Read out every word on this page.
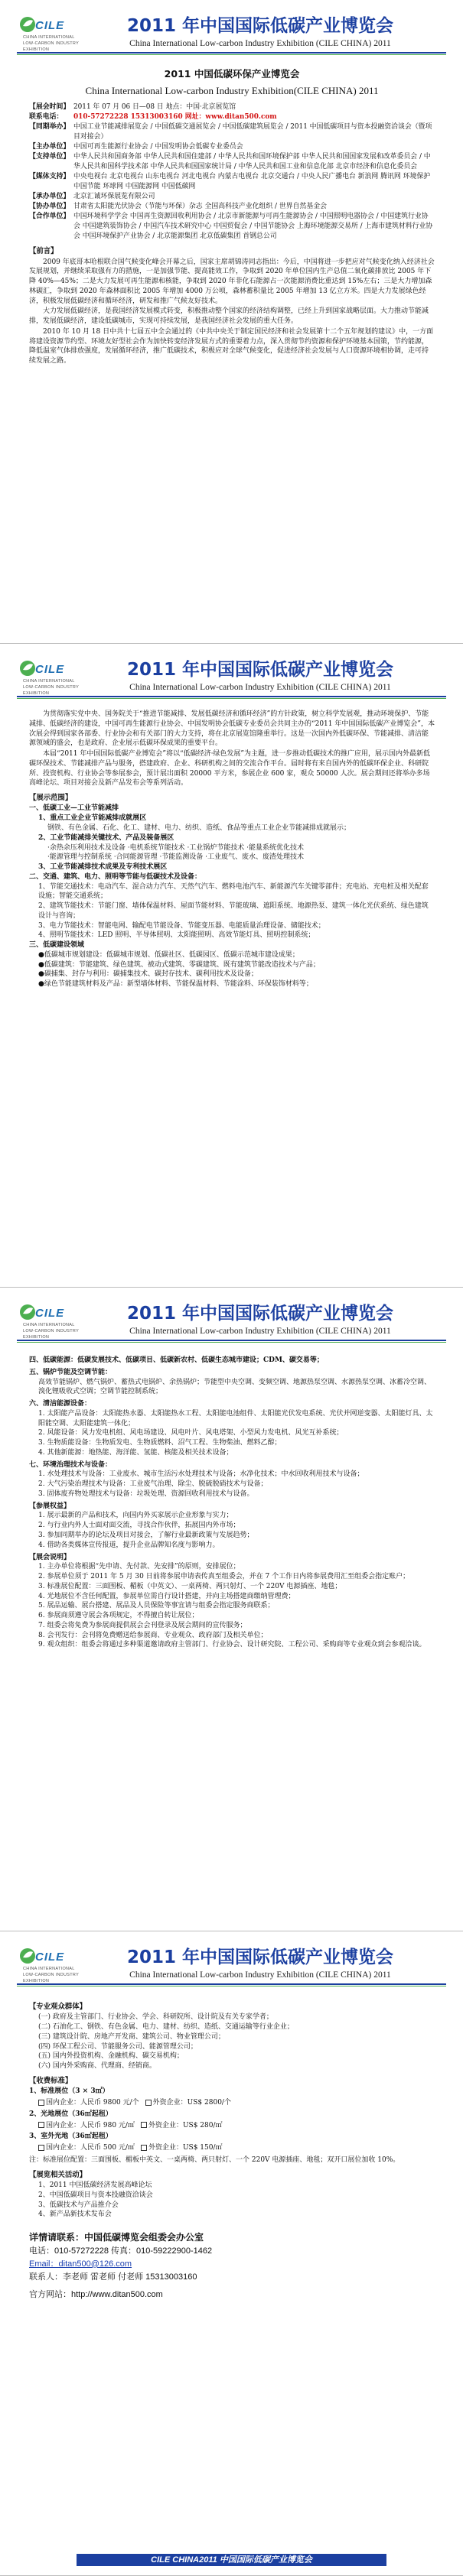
CILE
CHINA INTERNATIONAL LOW-CARBON INDUSTRY EXHIBITION
2011 年中国国际低碳产业博览会
China International Low-carbon Industry Exhibition (CILE CHINA) 2011
2011 中国低碳环保产业博览会
China International Low-carbon Industry Exhibition(CILE CHINA) 2011
【展会时间】 2011 年 07 月 06 日—08 日 地点：中国·北京展览馆
联系电话：	010-57272228 15313003160 网址：www.ditan500.com
【同期举办】 中国工业节能减排展览会 / 中国低碳交通展览会 / 中国低碳建筑展览会 / 2011 中国低碳项目与资本投融资洽谈会（暨项目对接会）
【主办单位】 中国可再生能源行业协会 / 中国发明协会低碳专业委员会
【支持单位】 中华人民共和国商务部 中华人民共和国住建部 / 中华人民共和国环境保护部 中华人民共和国国家发展和改革委员会 / 中华人民共和国科学技术部 中华人民共和国国家统计局 / 中华人民共和国工业和信息化部 北京市经济和信息化委员会
【媒体支持】 中央电视台 北京电视台 山东电视台 河北电视台 内蒙古电视台 北京交通台 / 中央人民广播电台 新浪网 腾讯网 环境保护 中国节能 环球网 中国能源网 中国低碳网
【承办单位】 北京汇诚环保展览有限公司
【协办单位】 甘肃省太阳能光伏协会（节能与环保）杂志 全国高科技产业化组织 / 世界自然基金会
【合作单位】 中国环境科学学会 中国再生资源回收利用协会 / 北京市新能源与可再生能源协会 / 中国照明电器协会 / 中国建筑行业协会 中国建筑装饰协会 / 中国汽车技术研究中心 中国贸促会 / 中国节能协会 上海环境能源交易所 / 上海市建筑材料行业协会 中国环境保护产业协会 / 北京能源集团 北京低碳集团 首钢总公司
【前言】

2009 年底哥本哈根联合国气候变化峰会开幕之后，国家主席胡锦涛同志指出：今后，中国将进一步把应对气候变化纳入经济社会发展规划，并继续采取强有力的措施，一是加强节能、提高能效工作，争取到 2020 年单位国内生产总值二氧化碳排放比 2005 年下降 40%—45%；二是大力发展可再生能源和核能，争取到 2020 年非化石能源占一次能源消费比重达到 15%左右；三是大力增加森林碳汇，争取到 2020 年森林面积比 2005 年增加 4000 万公顷，森林蓄积量比 2005 年增加 13 亿立方米。四是大力发展绿色经济，积极发展低碳经济和循环经济，研发和推广气候友好技术。

大力发展低碳经济，是我国经济发展模式转变，积极推动整个国家的经济结构调整，已经上升到国家战略层面。大力推动节能减排，发展低碳经济，建设低碳城市，实现可持续发展，是我国经济社会发展的重大任务。

2010 年 10 月 18 日中共十七届五中全会通过的《中共中央关于制定国民经济和社会发展第十二个五年规划的建议》中，一方面将建设资源节约型、环境友好型社会作为加快转变经济发展方式的重要着力点，深入贯彻节约资源和保护环境基本国策，节约能源，降低温室气体排放强度，发展循环经济，推广低碳技术，积极应对全球气候变化，促进经济社会发展与人口资源环境相协调，走可持续发展之路。

CILE
CHINA INTERNATIONAL LOW-CARBON INDUSTRY EXHIBITION
2011 年中国国际低碳产业博览会
China International Low-carbon Industry Exhibition (CILE CHINA) 2011

为贯彻落实党中央、国务院关于“推进节能减排、发展低碳经济和循环经济”的方针政策，树立科学发展观，推动环境保护、节能减排、低碳经济的建设，中国可再生能源行业协会、中国发明协会低碳专业委员会共同主办的“2011 年中国国际低碳产业博览会”，本次展会得到国家各部委、行业协会和有关部门的大力支持，将在北京展览馆隆重举行。这是一次国内外低碳环保、节能减排、清洁能源领域的盛会，也是政府、企业展示低碳环保成果的重要平台。

本届“2011 年中国国际低碳产业博览会”将以“低碳经济·绿色发展”为主题，进一步推动低碳技术的推广应用，展示国内外最新低碳环保技术、节能减排产品与服务，搭建政府、企业、科研机构之间的交流合作平台。届时将有来自国内外的低碳环保企业、科研院所、投资机构、行业协会等参展参会，预计展出面积 20000 平方米，参展企业 600 家，观众 50000 人次。展会期间还将举办多场高峰论坛、项目对接会及新产品发布会等系列活动。

【展示范围】
一、低碳工业—工业节能减排
1、重点工业企业节能减排成就展区
钢铁、有色金属、石化、化工、建材、电力、纺织、造纸、食品等重点工业企业节能减排成就展示；
2、工业节能减排关键技术、产品及装备展区
·余热余压利用技术及设备 ·电机系统节能技术 ·工业锅炉节能技术 ·能量系统优化技术
·能源管理与控制系统 ·合同能源管理 ·节能监测设备 ·工业废气、废水、废渣处理技术
3、工业节能减排技术成果及专利技术展区
二、交通、建筑、电力、照明等节能与低碳技术及设备：
1、节能交通技术：电动汽车、混合动力汽车、天然气汽车、燃料电池汽车、新能源汽车关键零部件；充电站、充电桩及相关配套设施；智能交通系统；
2、建筑节能技术：节能门窗、墙体保温材料、屋面节能材料、节能玻璃、遮阳系统、地源热泵、建筑一体化光伏系统、绿色建筑设计与咨询；
3、电力节能技术：智能电网、输配电节能设备、节能变压器、电能质量治理设备、储能技术；
4、照明节能技术：LED 照明、半导体照明、太阳能照明、高效节能灯具、照明控制系统；
三、低碳建设领域
●低碳城市规划建设：低碳城市规划、低碳社区、低碳园区、低碳示范城市建设成果；
●低碳建筑：节能建筑、绿色建筑、被动式建筑、零碳建筑、既有建筑节能改造技术与产品；
●碳捕集、封存与利用：碳捕集技术、碳封存技术、碳利用技术及设备；
●绿色节能建筑材料及产品：新型墙体材料、节能保温材料、节能涂料、环保装饰材料等；
CILE
CHINA INTERNATIONAL LOW-CARBON INDUSTRY EXHIBITION
2011 年中国国际低碳产业博览会
China International Low-carbon Industry Exhibition (CILE CHINA) 2011
四、低碳能源：低碳发展技术、低碳项目、低碳新农村、低碳生态城市建设；CDM、碳交易等；
五、锅炉节能及空调节能：
高效节能锅炉、燃气锅炉、蓄热式电锅炉、余热锅炉；节能型中央空调、变频空调、地源热泵空调、水源热泵空调、冰蓄冷空调、溴化锂吸收式空调；空调节能控制系统；
六、清洁能源设备：
1. 太阳能产品设备：太阳能热水器、太阳能热水工程、太阳能电池组件、太阳能光伏发电系统、光伏并网逆变器、太阳能灯具、太阳能空调、太阳能建筑一体化；
2. 风能设备：风力发电机组、风电场建设、风电叶片、风电塔架、小型风力发电机、风光互补系统；
3. 生物质能设备：生物质发电、生物质燃料、沼气工程、生物柴油、燃料乙醇；
4. 其他新能源：地热能、海洋能、氢能、核能及相关技术设备；
七、环境治理技术与设备：
1. 水处理技术与设备：工业废水、城市生活污水处理技术与设备；水净化技术；中水回收利用技术与设备；
2. 大气污染治理技术与设备：工业废气治理、除尘、脱硫脱硝技术与设备；
3. 固体废弃物处理技术与设备：垃圾处理、资源回收利用技术与设备。
【参展权益】
1. 展示最新的产品和技术，向国内外买家展示企业形象与实力；
2. 与行业内外人士面对面交流，寻找合作伙伴，拓展国内外市场；
3. 参加同期举办的论坛及项目对接会，了解行业最新政策与发展趋势；
4. 借助各类媒体宣传报道，提升企业品牌知名度与影响力。
【展会说明】
1. 主办单位将根据“先申请、先付款、先安排”的原则，安排展位；
2. 参展单位须于 2011 年 5 月 30 日前将参展申请表传真至组委会，并在 7 个工作日内将参展费用汇至组委会指定账户；
3. 标准展位配置：三面围板、楣板（中英文）、一桌两椅、两只射灯、一个 220V 电源插座、地毯；
4. 光地展位不含任何配置，参展单位需自行设计搭建，并向主场搭建商缴纳管理费；
5. 展品运输、展台搭建、展品及人员保险等事宜请与组委会指定服务商联系；
6. 参展商须遵守展会各项规定，不得擅自转让展位；
7. 组委会将免费为参展商提供展会会刊登录及展会期间的宣传服务；
8. 会刊发行：会刊将免费赠送给参展商、专业观众、政府部门及相关单位；
9. 观众组织：组委会将通过多种渠道邀请政府主管部门、行业协会、设计研究院、工程公司、采购商等专业观众到会参观洽谈。
CILE
CHINA INTERNATIONAL LOW-CARBON INDUSTRY EXHIBITION
2011 年中国国际低碳产业博览会
China International Low-carbon Industry Exhibition (CILE CHINA) 2011
【专业观众群体】
(一) 政府及主管部门、行业协会、学会、科研院所、设计院及有关专家学者；
(二) 石油化工、钢铁、有色金属、电力、建材、纺织、造纸、交通运输等行业企业；
(三) 建筑设计院、房地产开发商、建筑公司、物业管理公司；
(四) 环保工程公司、节能服务公司、能源管理公司；
(五) 国内外投资机构、金融机构、碳交易机构；
(六) 国内外采购商、代理商、经销商。
【收费标准】
1、标准展位（3 × 3㎡）
国内企业：人民币 9800 元/个	外资企业：US$ 2800/个
2、光地展位（36㎡起租）
国内企业：人民币 980 元/㎡	外资企业：US$ 280/㎡
3、室外光地（36㎡起租）
国内企业：人民币 500 元/㎡	外资企业：US$ 150/㎡
注：标准展位配置：三面围板、楣板中英文、一桌两椅、两只射灯、一个 220V 电源插座、地毯；双开口展位加收 10%。
【展览相关活动】
1、2011 中国低碳经济发展高峰论坛
2、中国低碳项目与资本投融资洽谈会
3、低碳技术与产品推介会
4、新产品新技术发布会
详情请联系：中国低碳博览会组委会办公室
电话：010-57272228 传真：010-59222900-1462
Email：ditan500@126.com
联系人：李老师 雷老师 付老师 15313003160
官方网站：http://www.ditan500.com
CILE CHINA2011 中国国际低碳产业博览会
